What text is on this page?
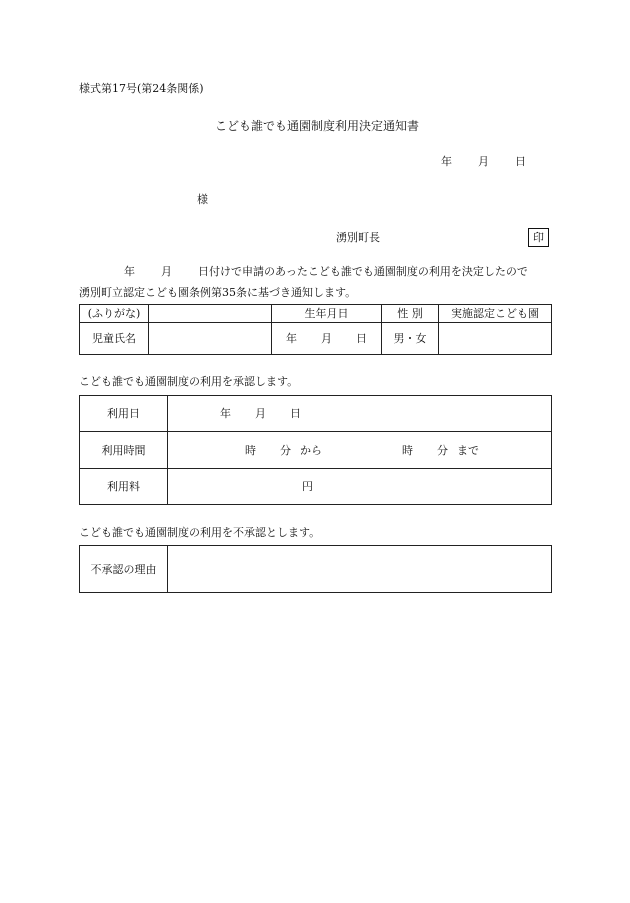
様式第17号(第24条関係)
こども誰でも通園制度利用決定通知書
年 月 日
様
湧別町長	印
年 月 日付けで申請のあったこども誰でも通園制度の利用を決定したので
湧別町立認定こども園条例第35条に基づき通知します。
(ふりがな)		生年月日	性 別	実施認定こども園
児童氏名		年 月 日	男・女	
こども誰でも通園制度の利用を承認します。
利用日	年 月 日
利用時間	時 分 から 時 分 まで
利用料	円
こども誰でも通園制度の利用を不承認とします。
不承認の理由	
